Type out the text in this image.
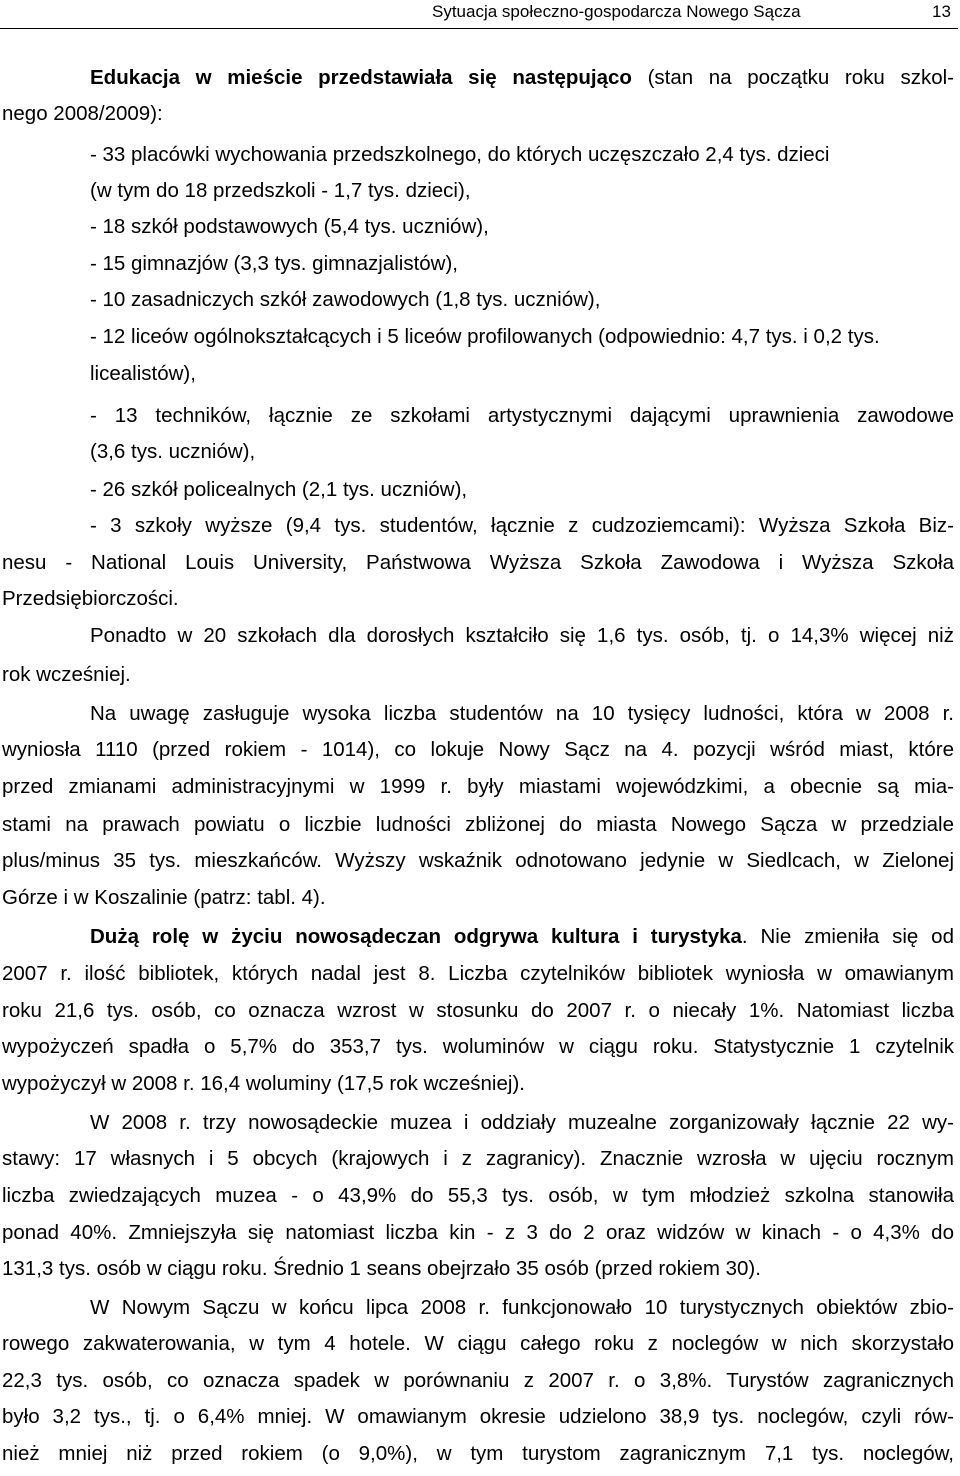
Sytuacja społeczno-gospodarcza Nowego Sącza	13
Edukacja w mieście przedstawiała się następująco (stan na początku roku szkol-
nego 2008/2009):
- 33 placówki wychowania przedszkolnego, do których uczęszczało 2,4 tys. dzieci
(w tym do 18 przedszkoli - 1,7 tys. dzieci),
- 18 szkół podstawowych (5,4 tys. uczniów),
- 15 gimnazjów (3,3 tys. gimnazjalistów),
- 10 zasadniczych szkół zawodowych (1,8 tys. uczniów),
- 12 liceów ogólnokształcących i 5 liceów profilowanych (odpowiednio: 4,7 tys. i 0,2 tys.
licealistów),
- 13 techników, łącznie ze szkołami artystycznymi dającymi uprawnienia zawodowe
(3,6 tys. uczniów),
- 26 szkół policealnych (2,1 tys. uczniów),
- 3 szkoły wyższe (9,4 tys. studentów, łącznie z cudzoziemcami): Wyższa Szkoła Biz-
nesu - National Louis University, Państwowa Wyższa Szkoła Zawodowa i Wyższa Szkoła
Przedsiębiorczości.
Ponadto w 20 szkołach dla dorosłych kształciło się 1,6 tys. osób, tj. o 14,3% więcej niż
rok wcześniej.
Na uwagę zasługuje wysoka liczba studentów na 10 tysięcy ludności, która w 2008 r.
wyniosła 1110 (przed rokiem - 1014), co lokuje Nowy Sącz na 4. pozycji wśród miast, które
przed zmianami administracyjnymi w 1999 r. były miastami wojewódzkimi, a obecnie są mia-
stami na prawach powiatu o liczbie ludności zbliżonej do miasta Nowego Sącza w przedziale
plus/minus 35 tys. mieszkańców. Wyższy wskaźnik odnotowano jedynie w Siedlcach, w Zielonej
Górze i w Koszalinie (patrz: tabl. 4).
Dużą rolę w życiu nowosądeczan odgrywa kultura i turystyka. Nie zmieniła się od
2007 r. ilość bibliotek, których nadal jest 8. Liczba czytelników bibliotek wyniosła w omawianym
roku 21,6 tys. osób, co oznacza wzrost w stosunku do 2007 r. o niecały 1%. Natomiast liczba
wypożyczeń spadła o 5,7% do 353,7 tys. woluminów w ciągu roku. Statystycznie 1 czytelnik
wypożyczył w 2008 r. 16,4 woluminy (17,5 rok wcześniej).
W 2008 r. trzy nowosądeckie muzea i oddziały muzealne zorganizowały łącznie 22 wy-
stawy: 17 własnych i 5 obcych (krajowych i z zagranicy). Znacznie wzrosła w ujęciu rocznym
liczba zwiedzających muzea - o 43,9% do 55,3 tys. osób, w tym młodzież szkolna stanowiła
ponad 40%. Zmniejszyła się natomiast liczba kin - z 3 do 2 oraz widzów w kinach - o 4,3% do
131,3 tys. osób w ciągu roku. Średnio 1 seans obejrzało 35 osób (przed rokiem 30).
W Nowym Sączu w końcu lipca 2008 r. funkcjonowało 10 turystycznych obiektów zbio-
rowego zakwaterowania, w tym 4 hotele. W ciągu całego roku z noclegów w nich skorzystało
22,3 tys. osób, co oznacza spadek w porównaniu z 2007 r. o 3,8%. Turystów zagranicznych
było 3,2 tys., tj. o 6,4% mniej. W omawianym okresie udzielono 38,9 tys. noclegów, czyli rów-
nież mniej niż przed rokiem (o 9,0%), w tym turystom zagranicznym 7,1 tys. noclegów,
